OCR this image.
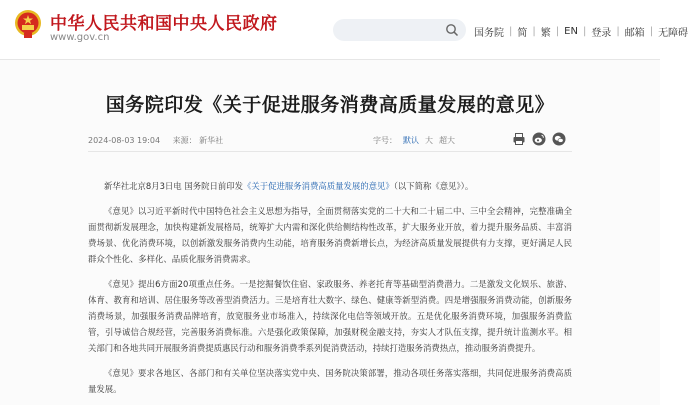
中华人民共和国中央人民政府
www.gov.cn	国务院 | 简 | 繁 | EN | 登录 | 邮箱 | 无障碍
国务院印发《关于促进服务消费高质量发展的意见》
2024-08-03 19:04 来源： 新华社	字号： 默认 大 超大

新华社北京8月3日电 国务院日前印发《关于促进服务消费高质量发展的意见》（以下简称《意见》）。

《意见》以习近平新时代中国特色社会主义思想为指导，全面贯彻落实党的二十大和二十届二中、三中全会精神，完整准确全面贯彻新发展理念，加快构建新发展格局，统筹扩大内需和深化供给侧结构性改革，扩大服务业开放，着力提升服务品质、丰富消费场景、优化消费环境，以创新激发服务消费内生动能，培育服务消费新增长点，为经济高质量发展提供有力支撑，更好满足人民群众个性化、多样化、品质化服务消费需求。

《意见》提出6方面20项重点任务。一是挖掘餐饮住宿、家政服务、养老托育等基础型消费潜力。二是激发文化娱乐、旅游、体育、教育和培训、居住服务等改善型消费活力。三是培育壮大数字、绿色、健康等新型消费。四是增强服务消费动能，创新服务消费场景，加强服务消费品牌培育，放宽服务业市场准入，持续深化电信等领域开放。五是优化服务消费环境，加强服务消费监管，引导诚信合规经营，完善服务消费标准。六是强化政策保障，加强财税金融支持，夯实人才队伍支撑，提升统计监测水平。相关部门和各地共同开展服务消费提质惠民行动和服务消费季系列促消费活动，持续打造服务消费热点，推动服务消费提升。

《意见》要求各地区、各部门和有关单位坚决落实党中央、国务院决策部署，推动各项任务落实落细，共同促进服务消费高质量发展。
